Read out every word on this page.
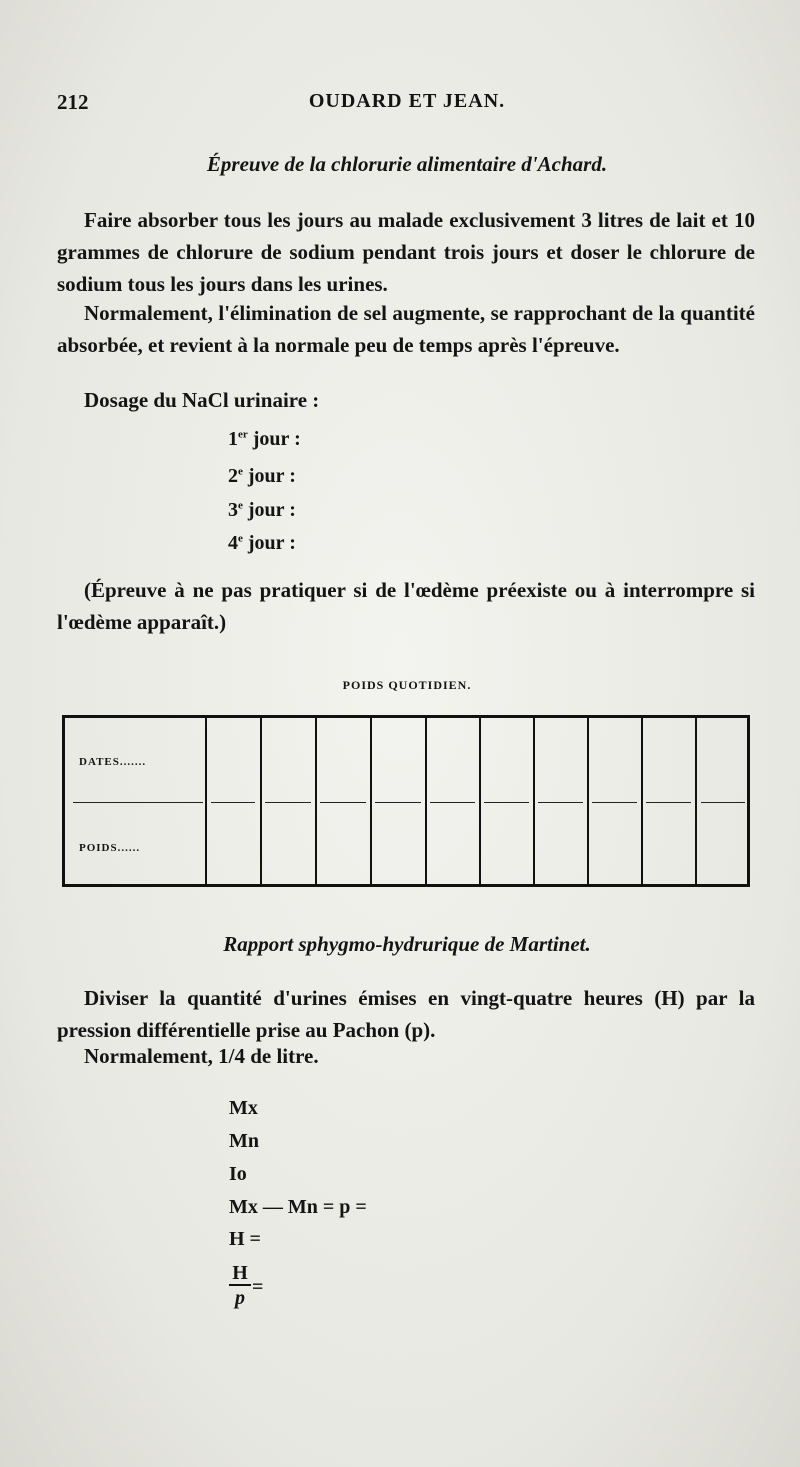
212	OUDARD ET JEAN.
Épreuve de la chlorurie alimentaire d'Achard.

Faire absorber tous les jours au malade exclusivement 3 litres de lait et 10 grammes de chlorure de sodium pendant trois jours et doser le chlorure de sodium tous les jours dans les urines.

Normalement, l'élimination de sel augmente, se rapprochant de la quantité absorbée, et revient à la normale peu de temps après l'épreuve.

Dosage du NaCl urinaire :

1er jour :
2e jour :
3e jour :
4e jour :

(Épreuve à ne pas pratiquer si de l'œdème préexiste ou à interrompre si l'œdème apparaît.)

POIDS QUOTIDIEN.
DATES.......
POIDS......
Rapport sphygmo-hydrurique de Martinet.

Diviser la quantité d'urines émises en vingt-quatre heures (H) par la pression différentielle prise au Pachon (p).

Normalement, 1/4 de litre.

Mx
Mn
Io
Mx — Mn = p =
H =
$\frac{H}{p}$ =
